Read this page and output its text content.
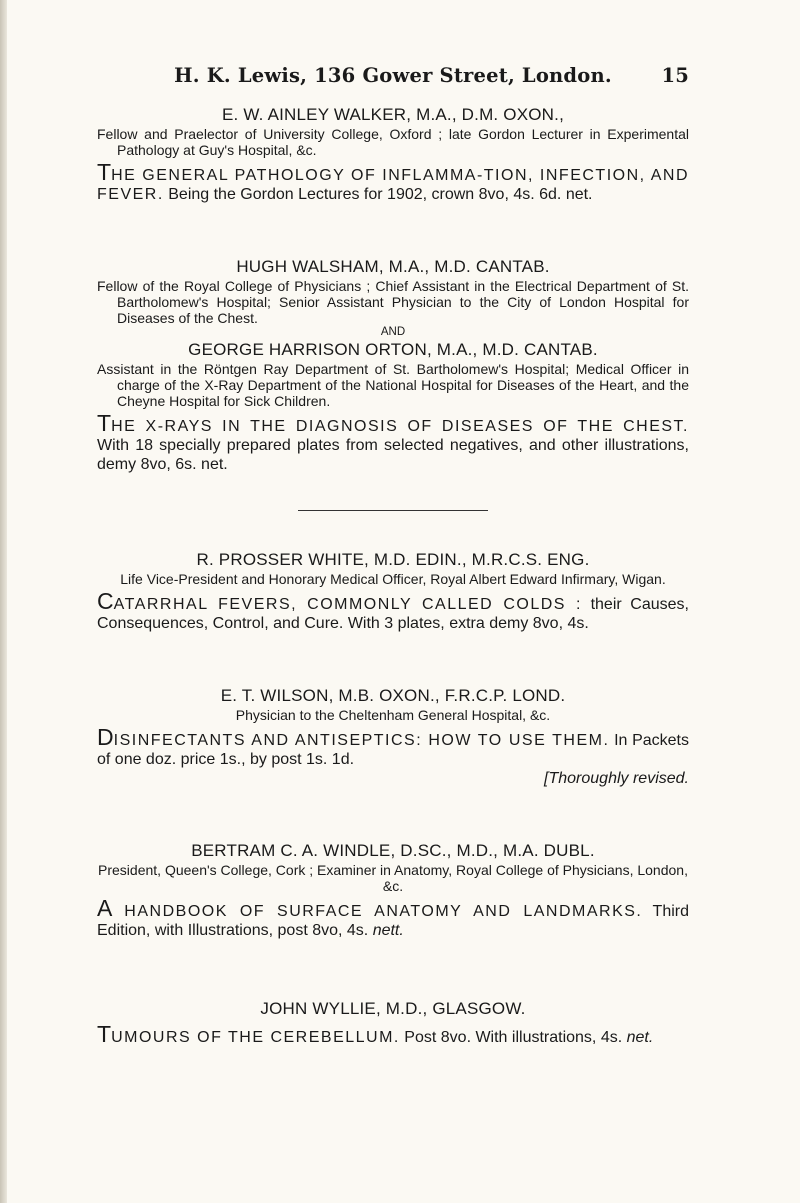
H. K. Lewis, 136 Gower Street, London.	15
E. W. AINLEY WALKER, M.A., D.M. OXON.,
Fellow and Praelector of University College, Oxford ; late Gordon Lecturer in Experimental Pathology at Guy's Hospital, &c.
THE GENERAL PATHOLOGY OF INFLAMMA-TION, INFECTION, AND FEVER. Being the Gordon Lectures for 1902, crown 8vo, 4s. 6d. net.
HUGH WALSHAM, M.A., M.D. CANTAB.
Fellow of the Royal College of Physicians ; Chief Assistant in the Electrical Department of St. Bartholomew's Hospital; Senior Assistant Physician to the City of London Hospital for Diseases of the Chest.
AND
GEORGE HARRISON ORTON, M.A., M.D. CANTAB.
Assistant in the Röntgen Ray Department of St. Bartholomew's Hospital; Medical Officer in charge of the X-Ray Department of the National Hospital for Diseases of the Heart, and the Cheyne Hospital for Sick Children.
THE X-RAYS IN THE DIAGNOSIS OF DISEASES OF THE CHEST. With 18 specially prepared plates from selected negatives, and other illustrations, demy 8vo, 6s. net.
R. PROSSER WHITE, M.D. EDIN., M.R.C.S. ENG.
Life Vice-President and Honorary Medical Officer, Royal Albert Edward Infirmary, Wigan.
CATARRHAL FEVERS, COMMONLY CALLED COLDS : their Causes, Consequences, Control, and Cure. With 3 plates, extra demy 8vo, 4s.
E. T. WILSON, M.B. OXON., F.R.C.P. LOND.
Physician to the Cheltenham General Hospital, &c.
DISINFECTANTS AND ANTISEPTICS: HOW TO USE THEM. In Packets of one doz. price 1s., by post 1s. 1d.
[Thoroughly revised.
BERTRAM C. A. WINDLE, D.SC., M.D., M.A. DUBL.
President, Queen's College, Cork ; Examiner in Anatomy, Royal College of Physicians, London, &c.
A HANDBOOK OF SURFACE ANATOMY AND LANDMARKS. Third Edition, with Illustrations, post 8vo, 4s. nett.
JOHN WYLLIE, M.D., GLASGOW.
TUMOURS OF THE CEREBELLUM. Post 8vo. With illustrations, 4s. net.
